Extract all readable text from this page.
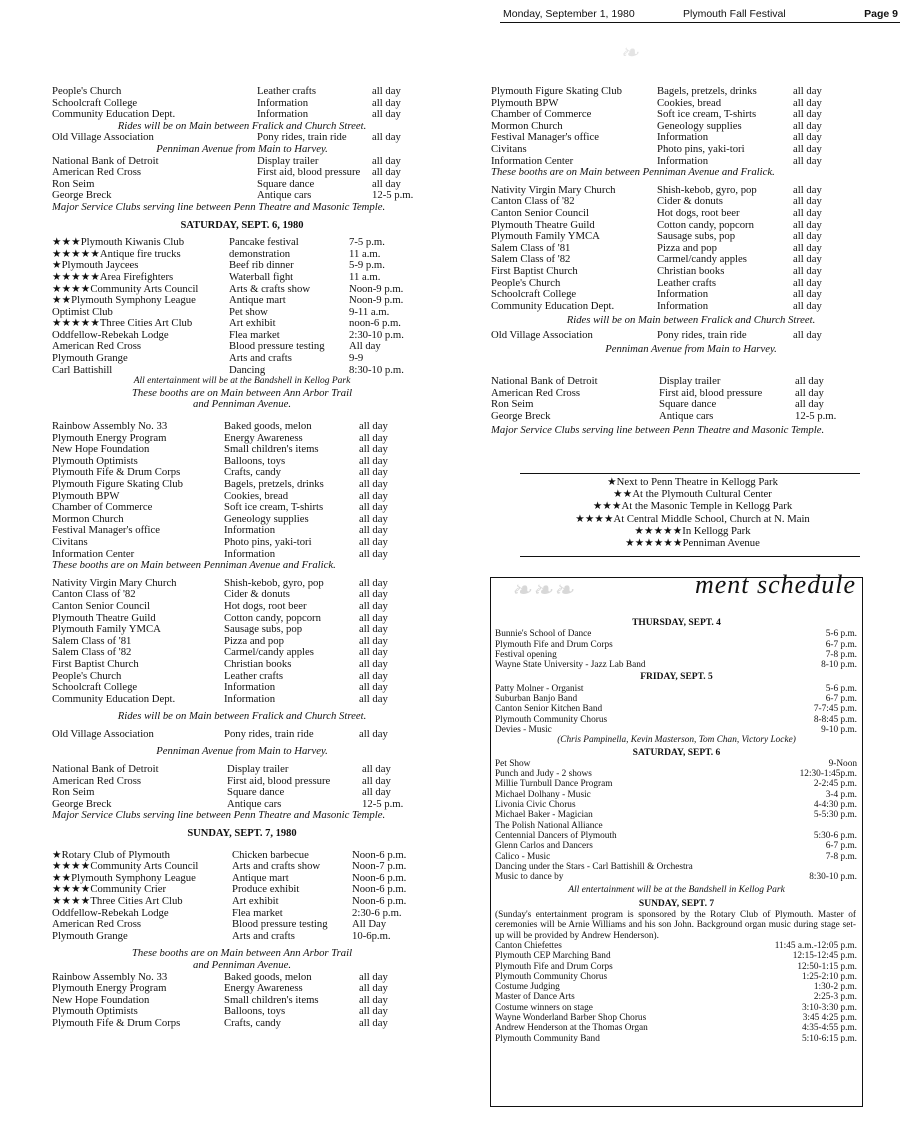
Monday, September 1, 1980	Plymouth Fall Festival	Page 9
❧
People's Church	Leather crafts	all day
Schoolcraft College	Information	all day
Community Education Dept.	Information	all day
Rides will be on Main between Fralick and Church Street.
Old Village Association	Pony rides, train ride all day
Penniman Avenue from Main to Harvey.
National Bank of Detroit	Display trailer	all day
American Red Cross	First aid, blood pressure all day
Ron Seim	Square dance	all day
George Breck	Antique cars	12-5 p.m.
Major Service Clubs serving line between Penn Theatre and Masonic Temple.
SATURDAY, SEPT. 6, 1980
★★★Plymouth Kiwanis Club	Pancake festival	7-5 p.m.
★★★★★Antique fire trucks	demonstration	11 a.m.
★Plymouth Jaycees	Beef rib dinner	5-9 p.m.
★★★★★Area Firefighters	Waterball fight	11 a.m.
★★★★Community Arts Council	Arts & crafts show	Noon-9 p.m.
★★Plymouth Symphony League	Antique mart	Noon-9 p.m.
Optimist Club	Pet show	9-11 a.m.
★★★★★Three Cities Art Club	Art exhibit	noon-6 p.m.
Oddfellow-Rebekah Lodge	Flea market	2:30-10 p.m.
American Red Cross	Blood pressure testing All day
Plymouth Grange	Arts and crafts	9-9
Carl Battishill	Dancing	8:30-10 p.m.
All entertainment will be at the Bandshell in Kellog Park
These booths are on Main between Ann Arbor Trail
and Penniman Avenue.
Rainbow Assembly No. 33	Baked goods, melon	all day
Plymouth Energy Program	Energy Awareness	all day
New Hope Foundation	Small children's items	all day
Plymouth Optimists	Balloons, toys	all day
Plymouth Fife & Drum Corps	Crafts, candy	all day
Plymouth Figure Skating Club	Bagels, pretzels, drinks	all day
Plymouth BPW	Cookies, bread	all day
Chamber of Commerce	Soft ice cream, T-shirts	all day
Mormon Church	Geneology supplies	all day
Festival Manager's office	Information	all day
Civitans	Photo pins, yaki-tori	all day
Information Center	Information	all day
These booths are on Main between Penniman Avenue and Fralick.
Nativity Virgin Mary Church	Shish-kebob, gyro, pop	all day
Canton Class of '82	Cider & donuts	all day
Canton Senior Council	Hot dogs, root beer	all day
Plymouth Theatre Guild	Cotton candy, popcorn	all day
Plymouth Family YMCA	Sausage subs, pop	all day
Salem Class of '81	Pizza and pop	all day
Salem Class of '82	Carmel/candy apples	all day
First Baptist Church	Christian books	all day
People's Church	Leather crafts	all day
Schoolcraft College	Information	all day
Community Education Dept.	Information	all day
Rides will be on Main between Fralick and Church Street.
Old Village Association	Pony rides, train ride	all day
Penniman Avenue from Main to Harvey.
National Bank of Detroit	Display trailer	all day
American Red Cross	First aid, blood pressure	all day
Ron Seim	Square dance	all day
George Breck	Antique cars	12-5 p.m.
Major Service Clubs serving line between Penn Theatre and Masonic Temple.
SUNDAY, SEPT. 7, 1980
★Rotary Club of Plymouth	Chicken barbecue	Noon-6 p.m.
★★★★Community Arts Council	Arts and crafts show	Noon-7 p.m.
★★Plymouth Symphony League	Antique mart	Noon-6 p.m.
★★★★Community Crier	Produce exhibit	Noon-6 p.m.
★★★★Three Cities Art Club	Art exhibit	Noon-6 p.m.
Oddfellow-Rebekah Lodge	Flea market	2:30-6 p.m.
American Red Cross	Blood pressure testing All Day
Plymouth Grange	Arts and crafts	10-6p.m.
These booths are on Main between Ann Arbor Trail
and Penniman Avenue.
Rainbow Assembly No. 33	Baked goods, melon	all day
Plymouth Energy Program	Energy Awareness	all day
New Hope Foundation	Small children's items	all day
Plymouth Optimists	Balloons, toys	all day
Plymouth Fife & Drum Corps	Crafts, candy	all day
Plymouth Figure Skating Club	Bagels, pretzels, drinks	all day
Plymouth BPW	Cookies, bread	all day
Chamber of Commerce	Soft ice cream, T-shirts	all day
Mormon Church	Geneology supplies	all day
Festival Manager's office	Information	all day
Civitans	Photo pins, yaki-tori	all day
Information Center	Information	all day
These booths are on Main between Penniman Avenue and Fralick.
Nativity Virgin Mary Church	Shish-kebob, gyro, pop	all day
Canton Class of '82	Cider & donuts	all day
Canton Senior Council	Hot dogs, root beer	all day
Plymouth Theatre Guild	Cotton candy, popcorn	all day
Plymouth Family YMCA	Sausage subs, pop	all day
Salem Class of '81	Pizza and pop	all day
Salem Class of '82	Carmel/candy apples	all day
First Baptist Church	Christian books	all day
People's Church	Leather crafts	all day
Schoolcraft College	Information	all day
Community Education Dept.	Information	all day
Rides will be on Main between Fralick and Church Street.
Old Village Association	Pony rides, train ride	all day
Penniman Avenue from Main to Harvey.
National Bank of Detroit	Display trailer	all day
American Red Cross	First aid, blood pressure	all day
Ron Seim	Square dance	all day
George Breck	Antique cars	12-5 p.m.
Major Service Clubs serving line between Penn Theatre and Masonic Temple.
★Next to Penn Theatre in Kellogg Park
★★At the Plymouth Cultural Center
★★★At the Masonic Temple in Kellogg Park
★★★★At Central Middle School, Church at N. Main
★★★★★In Kellogg Park
★★★★★★Penniman Avenue
❧❧❧	ment schedule
THURSDAY, SEPT. 4
Bunnie's School of Dance	5-6 p.m.
Plymouth Fife and Drum Corps	6-7 p.m.
Festival opening	7-8 p.m.
Wayne State University - Jazz Lab Band	8-10 p.m.
FRIDAY, SEPT. 5
Patty Molner - Organist	5-6 p.m.
Suburban Banjo Band	6-7 p.m.
Canton Senior Kitchen Band	7-7:45 p.m.
Plymouth Community Chorus	8-8:45 p.m.
Devies - Music	9-10 p.m.
(Chris Pampinella, Kevin Masterson, Tom Chan, Victory Locke)
SATURDAY, SEPT. 6
Pet Show	9-Noon
Punch and Judy - 2 shows	12:30-1:45p.m.
Millie Turnbull Dance Program	2-2:45 p.m.
Michael Dolhany - Music	3-4 p.m.
Livonia Civic Chorus	4-4:30 p.m.
Michael Baker - Magician	5-5:30 p.m.
The Polish National Alliance
Centennial Dancers of Plymouth	5:30-6 p.m.
Glenn Carlos and Dancers	6-7 p.m.
Calico - Music	7-8 p.m.
Dancing under the Stars - Carl Battishill & Orchestra
Music to dance by	8:30-10 p.m.
All entertainment will be at the Bandshell in Kellog Park
SUNDAY, SEPT. 7
(Sunday's entertainment program is sponsored by the Rotary Club of Plymouth. Master of ceremonies will be Arnie Williams and his son John. Background organ music during stage set-up will be provided by Andrew Henderson).
Canton Chiefettes	11:45 a.m.-12:05 p.m.
Plymouth CEP Marching Band	12:15-12:45 p.m.
Plymouth Fife and Drum Corps	12:50-1:15 p.m.
Plymouth Community Chorus	1:25-2:10 p.m.
Costume Judging	1:30-2 p.m.
Master of Dance Arts	2:25-3 p.m.
Costume winners on stage	3:10-3:30 p.m.
Wayne Wonderland Barber Shop Chorus	3:45 4:25 p.m.
Andrew Henderson at the Thomas Organ	4:35-4:55 p.m.
Plymouth Community Band	5:10-6:15 p.m.
